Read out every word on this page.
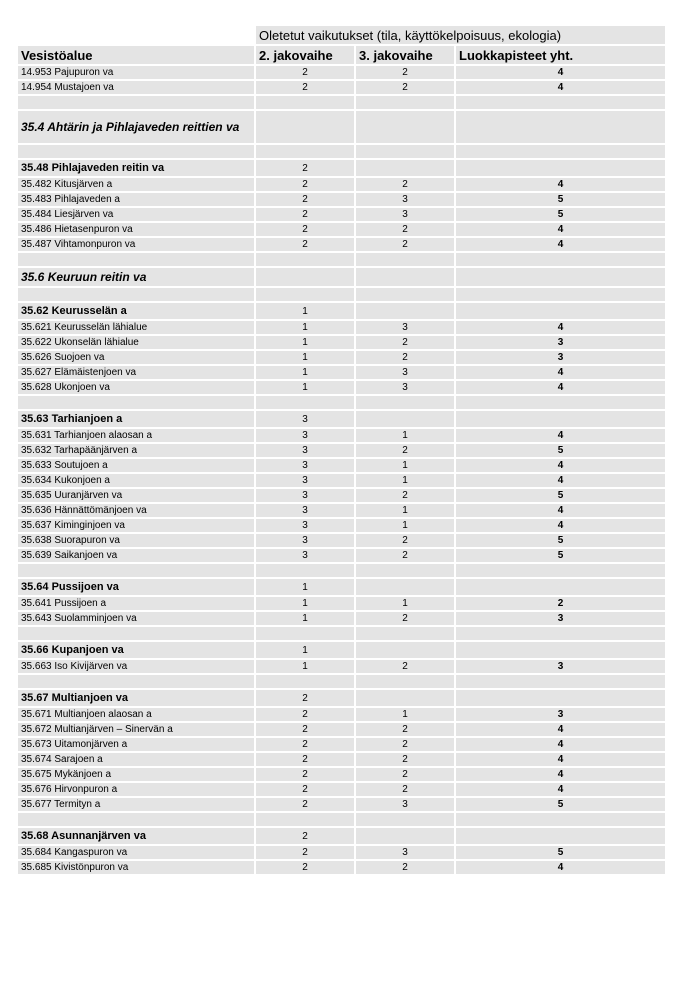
	Oletetut vaikutukset (tila, käyttökelpoisuus, ekologia)		
Vesistöalue	2. jakovaihe	3. jakovaihe	Luokkapisteet yht.
14.953 Pajupuron va	2	2	4
14.954 Mustajoen va	2	2	4

35.4 Ahtärin ja Pihlajaveden reittien va			

35.48 Pihlajaveden reitin va	2		
35.482 Kitusjärven a	2	2	4
35.483 Pihlajaveden a	2	3	5
35.484 Liesjärven va	2	3	5
35.486 Hietasenpuron va	2	2	4
35.487 Vihtamonpuron va	2	2	4

35.6 Keuruun reitin va			

35.62 Keurusselän a	1		
35.621 Keurusselän lähialue	1	3	4
35.622 Ukonselän lähialue	1	2	3
35.626 Suojoen va	1	2	3
35.627 Elämäistenjoen va	1	3	4
35.628 Ukonjoen va	1	3	4

35.63 Tarhianjoen a	3		
35.631 Tarhianjoen alaosan a	3	1	4
35.632 Tarhapäänjärven a	3	2	5
35.633 Soutujoen a	3	1	4
35.634 Kukonjoen a	3	1	4
35.635 Uuranjärven va	3	2	5
35.636 Hännättömänjoen va	3	1	4
35.637 Kiminginjoen va	3	1	4
35.638 Suorapuron va	3	2	5
35.639 Saikanjoen va	3	2	5

35.64 Pussijoen va	1		
35.641 Pussijoen a	1	1	2
35.643 Suolamminjoen va	1	2	3

35.66 Kupanjoen va	1		
35.663 Iso Kivijärven va	1	2	3

35.67 Multianjoen va	2		
35.671 Multianjoen alaosan a	2	1	3
35.672 Multianjärven – Sinervän a	2	2	4
35.673 Uitamonjärven a	2	2	4
35.674 Sarajoen a	2	2	4
35.675 Mykänjoen a	2	2	4
35.676 Hirvonpuron a	2	2	4
35.677 Termityn a	2	3	5

35.68 Asunnanjärven va	2		
35.684 Kangaspuron va	2	3	5
35.685 Kivistönpuron va	2	2	4
